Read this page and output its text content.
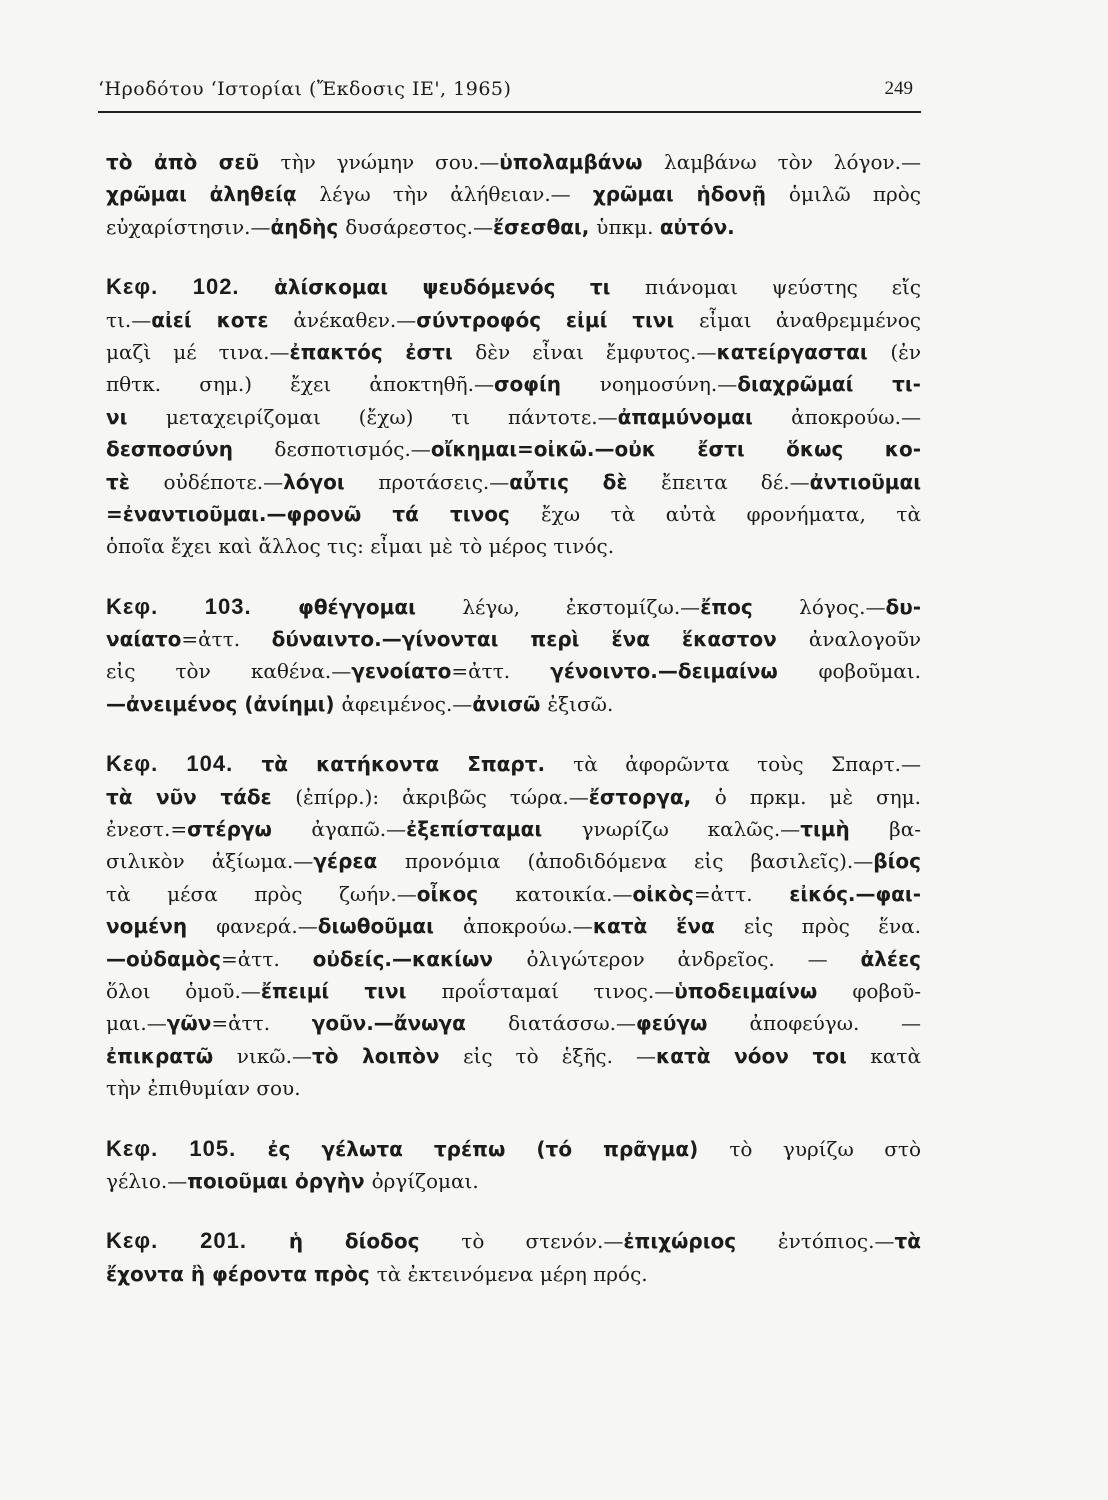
‘Ηροδότου ‘Ιστορίαι (Ἔκδοσις ΙΕ', 1965)	249
τὸ ἀπὸ σεῦ τὴν γνώμην σου.—ὑπολαμβάνω λαμβάνω τὸν λόγον.—
χρῶμαι ἀληθείᾳ λέγω τὴν ἀλήθειαν.— χρῶμαι ἡδονῇ ὁμιλῶ πρὸς
εὐχαρίστησιν.—ἀηδὴς δυσάρεστος.—ἔσεσθαι, ὑπκμ. αὐτόν.
Κεφ. 102. ἁλίσκομαι ψευδόμενός τι πιάνομαι ψεύστης εἴς
τι.—αἰεί κοτε ἀνέκαθεν.—σύντροφός εἰμί τινι εἶμαι ἀναθρεμμένος
μαζὶ μέ τινα.—ἐπακτός ἐστι δὲν εἶναι ἔμφυτος.—κατείργασται (ἐν
πθτκ. σημ.) ἔχει ἀποκτηθῆ.—σοφίη νοημοσύνη.—διαχρῶμαί τι-
νι μεταχειρίζομαι (ἔχω) τι πάντοτε.—ἀπαμύνομαι ἀποκρούω.—
δεσποσύνη δεσποτισμός.—οἴκημαι=οἰκῶ.—οὐκ ἔστι ὅκως κο-
τὲ οὐδέποτε.—λόγοι προτάσεις.—αὖτις δὲ ἔπειτα δέ.—ἀντιοῦμαι
=ἐναντιοῦμαι.—φρονῶ τά τινος ἔχω τὰ αὐτὰ φρονήματα, τὰ
ὁποῖα ἔχει καὶ ἄλλος τις: εἶμαι μὲ τὸ μέρος τινός.
Κεφ. 103. φθέγγομαι λέγω, ἐκστομίζω.—ἔπος λόγος.—δυ-
ναίατο=ἀττ. δύναιντο.—γίνονται περὶ ἕνα ἕκαστον ἀναλογοῦν
εἰς τὸν καθένα.—γενοίατο=ἀττ. γένοιντο.—δειμαίνω φοβοῦμαι.
—ἀνειμένος (ἀνίημι) ἀφειμένος.—ἀνισῶ ἐξισῶ.
Κεφ. 104. τὰ κατήκοντα Σπαρτ. τὰ ἀφορῶντα τοὺς Σπαρτ.—
τὰ νῦν τάδε (ἐπίρρ.): ἀκριβῶς τώρα.—ἔστοργα, ὁ πρκμ. μὲ σημ.
ἐνεστ.=στέργω ἀγαπῶ.—ἐξεπίσταμαι γνωρίζω καλῶς.—τιμὴ βα-
σιλικὸν ἀξίωμα.—γέρεα προνόμια (ἀποδιδόμενα εἰς βασιλεῖς).—βίος
τὰ μέσα πρὸς ζωήν.—οἶκος κατοικία.—οἰκὸς=ἀττ. εἰκός.—φαι-
νομένη φανερά.—διωθοῦμαι ἀποκρούω.—κατὰ ἕνα εἰς πρὸς ἕνα.
—οὐδαμὸς=ἀττ. οὐδείς.—κακίων ὀλιγώτερον ἀνδρεῖος. — ἀλέες
ὅλοι ὁμοῦ.—ἔπειμί τινι προΐσταμαί τινος.—ὑποδειμαίνω φοβοῦ-
μαι.—γῶν=ἀττ. γοῦν.—ἄνωγα διατάσσω.—φεύγω ἀποφεύγω. —
ἐπικρατῶ νικῶ.—τὸ λοιπὸν εἰς τὸ ἑξῆς. —κατὰ νόον τοι κατὰ
τὴν ἐπιθυμίαν σου.
Κεφ. 105. ἐς γέλωτα τρέπω (τό πρᾶγμα) τὸ γυρίζω στὸ
γέλιο.—ποιοῦμαι ὀργὴν ὀργίζομαι.
Κεφ. 201. ἡ δίοδος τὸ στενόν.—ἐπιχώριος ἐντόπιος.—τὰ
ἔχοντα ἢ φέροντα πρὸς τὰ ἐκτεινόμενα μέρη πρός.
